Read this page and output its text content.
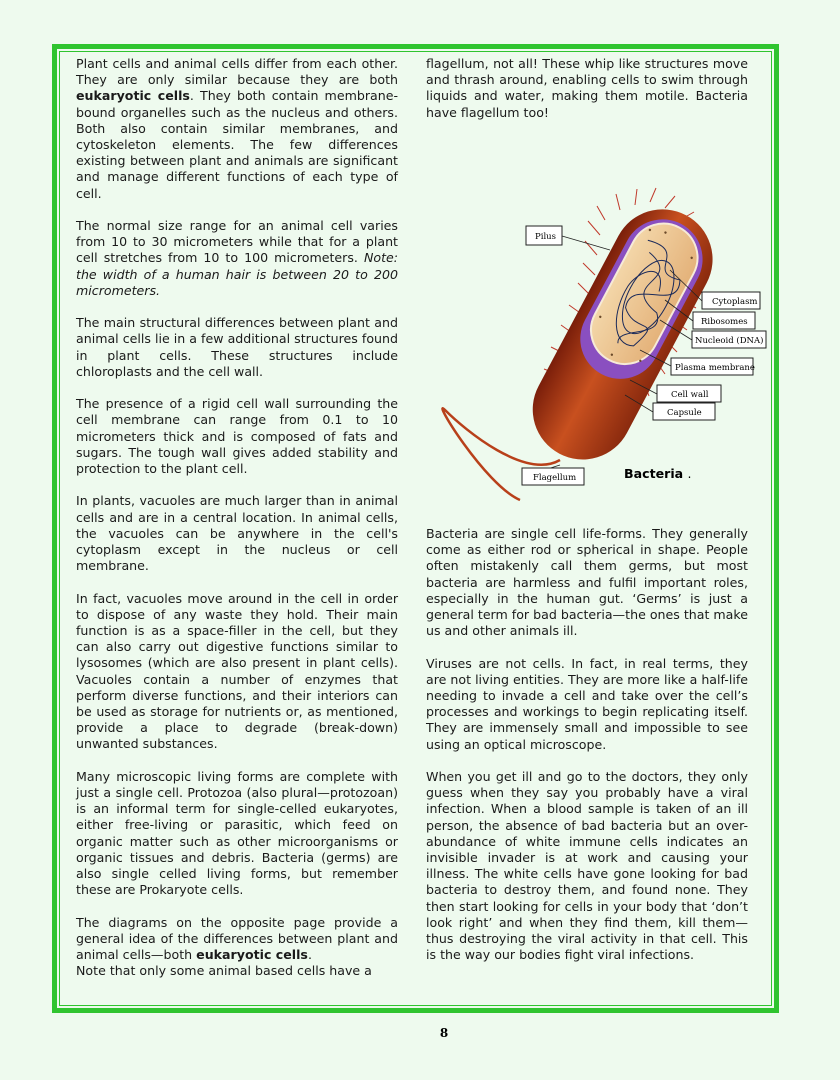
Plant cells and animal cells differ from each other. They are only similar because they are both eukaryotic cells. They both contain membrane-bound organelles such as the nucleus and others. Both also contain similar membranes, and cytoskeleton elements. The few differences existing between plant and animals are significant and manage different functions of each type of cell.

The normal size range for an animal cell varies from 10 to 30 micrometers while that for a plant cell stretches from 10 to 100 micrometers. Note: the width of a human hair is between 20 to 200 micrometers.

The main structural differences between plant and animal cells lie in a few additional structures found in plant cells. These structures include chloroplasts and the cell wall.

The presence of a rigid cell wall surrounding the cell membrane can range from 0.1 to 10 micrometers thick and is composed of fats and sugars. The tough wall gives added stability and protection to the plant cell.

In plants, vacuoles are much larger than in animal cells and are in a central location. In animal cells, the vacuoles can be anywhere in the cell's cytoplasm except in the nucleus or cell membrane.

In fact, vacuoles move around in the cell in order to dispose of any waste they hold. Their main function is as a space-filler in the cell, but they can also carry out digestive functions similar to lysosomes (which are also present in plant cells). Vacuoles contain a number of enzymes that perform diverse functions, and their interiors can be used as storage for nutrients or, as mentioned, provide a place to degrade (break-down) unwanted substances.

Many microscopic living forms are complete with just a single cell. Protozoa (also plural—protozoan) is an informal term for single-celled eukaryotes, either free-living or parasitic, which feed on organic matter such as other microorganisms or organic tissues and debris. Bacteria (germs) are also single celled living forms, but remember these are Prokaryote cells.

The diagrams on the opposite page provide a general idea of the differences between plant and animal cells—both eukaryotic cells.

Note that only some animal based cells have a

flagellum, not all! These whip like structures move and thrash around, enabling cells to swim through liquids and water, making them motile. Bacteria have flagellum too!

Pilus
Cytoplasm
Ribosomes
Nucleoid (DNA)
Plasma membrane
Cell wall
Capsule
Flagellum	Bacteria .

Bacteria are single cell life-forms. They generally come as either rod or spherical in shape. People often mistakenly call them germs, but most bacteria are harmless and fulfil important roles, especially in the human gut. ‘Germs’ is just a general term for bad bacteria—the ones that make us and other animals ill.

Viruses are not cells. In fact, in real terms, they are not living entities. They are more like a half-life needing to invade a cell and take over the cell’s processes and workings to begin replicating itself. They are immensely small and impossible to see using an optical microscope.

When you get ill and go to the doctors, they only guess when they say you probably have a viral infection. When a blood sample is taken of an ill person, the absence of bad bacteria but an over-abundance of white immune cells indicates an invisible invader is at work and causing your illness. The white cells have gone looking for bad bacteria to destroy them, and found none. They then start looking for cells in your body that ‘don’t look right’ and when they find them, kill them—thus destroying the viral activity in that cell. This is the way our bodies fight viral infections.

8
